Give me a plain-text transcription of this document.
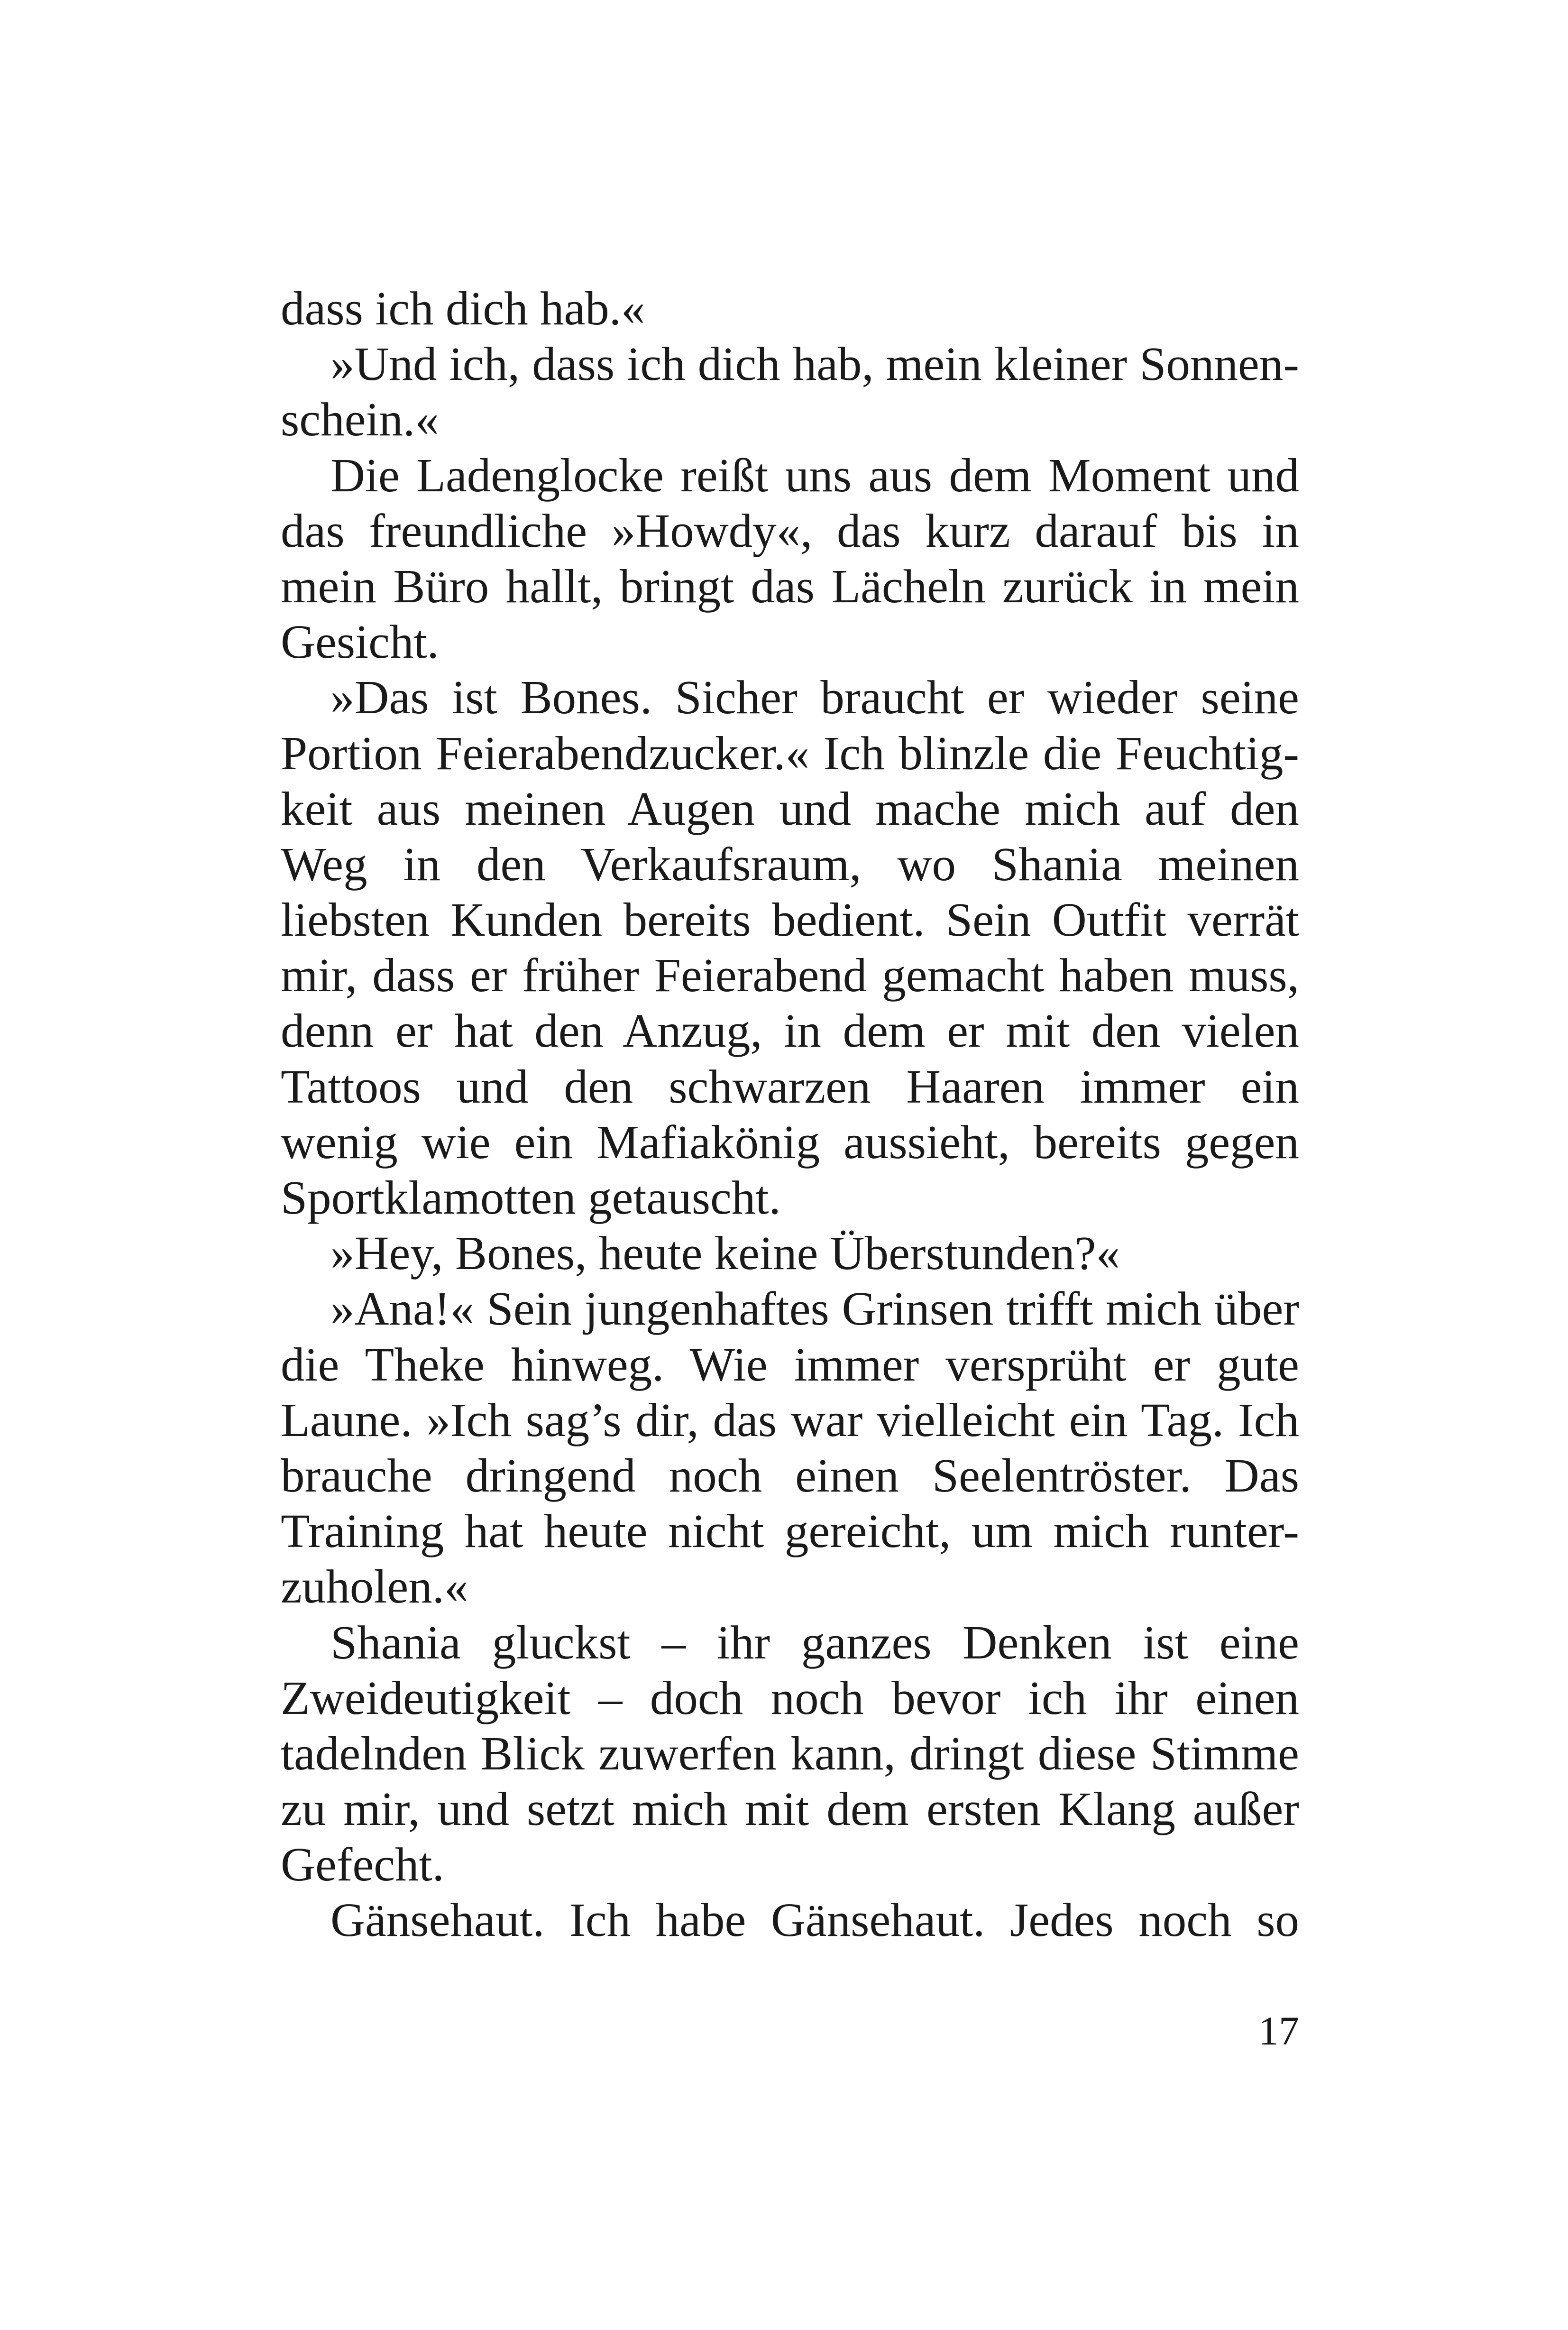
dass ich dich hab.«
»Und ich, dass ich dich hab, mein kleiner Sonnen-
schein.«
Die Ladenglocke reißt uns aus dem Moment und
das freundliche »Howdy«, das kurz darauf bis in
mein Büro hallt, bringt das Lächeln zurück in mein
Gesicht.
»Das ist Bones. Sicher braucht er wieder seine
Portion Feierabendzucker.« Ich blinzle die Feuchtig-
keit aus meinen Augen und mache mich auf den
Weg in den Verkaufsraum, wo Shania meinen
liebsten Kunden bereits bedient. Sein Outfit verrät
mir, dass er früher Feierabend gemacht haben muss,
denn er hat den Anzug, in dem er mit den vielen
Tattoos und den schwarzen Haaren immer ein
wenig wie ein Mafiakönig aussieht, bereits gegen
Sportklamotten getauscht.
»Hey, Bones, heute keine Überstunden?«
»Ana!« Sein jungenhaftes Grinsen trifft mich über
die Theke hinweg. Wie immer versprüht er gute
Laune. »Ich sag’s dir, das war vielleicht ein Tag. Ich
brauche dringend noch einen Seelentröster. Das
Training hat heute nicht gereicht, um mich runter-
zuholen.«
Shania gluckst – ihr ganzes Denken ist eine
Zweideutigkeit – doch noch bevor ich ihr einen
tadelnden Blick zuwerfen kann, dringt diese Stimme
zu mir, und setzt mich mit dem ersten Klang außer
Gefecht.
Gänsehaut. Ich habe Gänsehaut. Jedes noch so
17
